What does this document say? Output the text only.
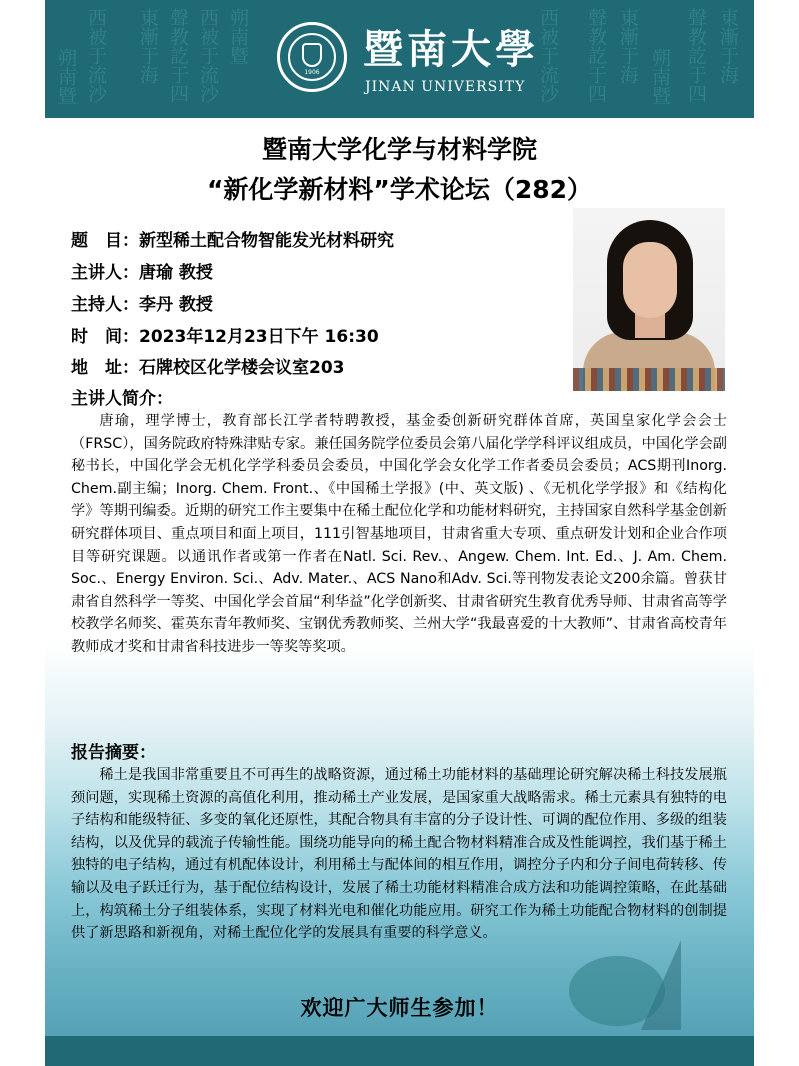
西被于流沙
朔南暨	東漸于海 聲教訖于四 西被于流沙 朔南暨	西被于流沙 聲教訖于四 東漸于海 朔南暨 聲教訖于四 東漸于海
1906	暨南大學
JINAN UNIVERSITY
暨南大学化学与材料学院
“新化学新材料”学术论坛（282）
题　目：新型稀土配合物智能发光材料研究
主讲人：唐瑜 教授
主持人：李丹 教授
时　间：2023年12月23日下午 16:30
地　址：石牌校区化学楼会议室203
主讲人简介：
唐瑜，理学博士，教育部长江学者特聘教授，基金委创新研究群体首席，英国皇家化学会会士（FRSC），国务院政府特殊津贴专家。兼任国务院学位委员会第八届化学学科评议组成员，中国化学会副秘书长，中国化学会无机化学学科委员会委员，中国化学会女化学工作者委员会委员；ACS期刊Inorg. Chem.副主编；Inorg. Chem. Front.、《中国稀土学报》(中、英文版) 、《无机化学学报》和《结构化学》等期刊编委。近期的研究工作主要集中在稀土配位化学和功能材料研究，主持国家自然科学基金创新研究群体项目、重点项目和面上项目，111引智基地项目，甘肃省重大专项、重点研发计划和企业合作项目等研究课题。以通讯作者或第一作者在Natl. Sci. Rev.、Angew. Chem. Int. Ed.、J. Am. Chem. Soc.、Energy Environ. Sci.、Adv. Mater.、ACS Nano和Adv. Sci.等刊物发表论文200余篇。曾获甘肃省自然科学一等奖、中国化学会首届“利华益”化学创新奖、甘肃省研究生教育优秀导师、甘肃省高等学校教学名师奖、霍英东青年教师奖、宝钢优秀教师奖、兰州大学“我最喜爱的十大教师”、甘肃省高校青年教师成才奖和甘肃省科技进步一等奖等奖项。
报告摘要：
稀土是我国非常重要且不可再生的战略资源，通过稀土功能材料的基础理论研究解决稀土科技发展瓶颈问题，实现稀土资源的高值化利用，推动稀土产业发展，是国家重大战略需求。稀土元素具有独特的电子结构和能级特征、多变的氧化还原性，其配合物具有丰富的分子设计性、可调的配位作用、多级的组装结构，以及优异的载流子传输性能。围绕功能导向的稀土配合物材料精准合成及性能调控，我们基于稀土独特的电子结构，通过有机配体设计，利用稀土与配体间的相互作用，调控分子内和分子间电荷转移、传输以及电子跃迁行为，基于配位结构设计，发展了稀土功能材料精准合成方法和功能调控策略，在此基础上，构筑稀土分子组装体系，实现了材料光电和催化功能应用。研究工作为稀土功能配合物材料的创制提供了新思路和新视角，对稀土配位化学的发展具有重要的科学意义。
欢迎广大师生参加！
